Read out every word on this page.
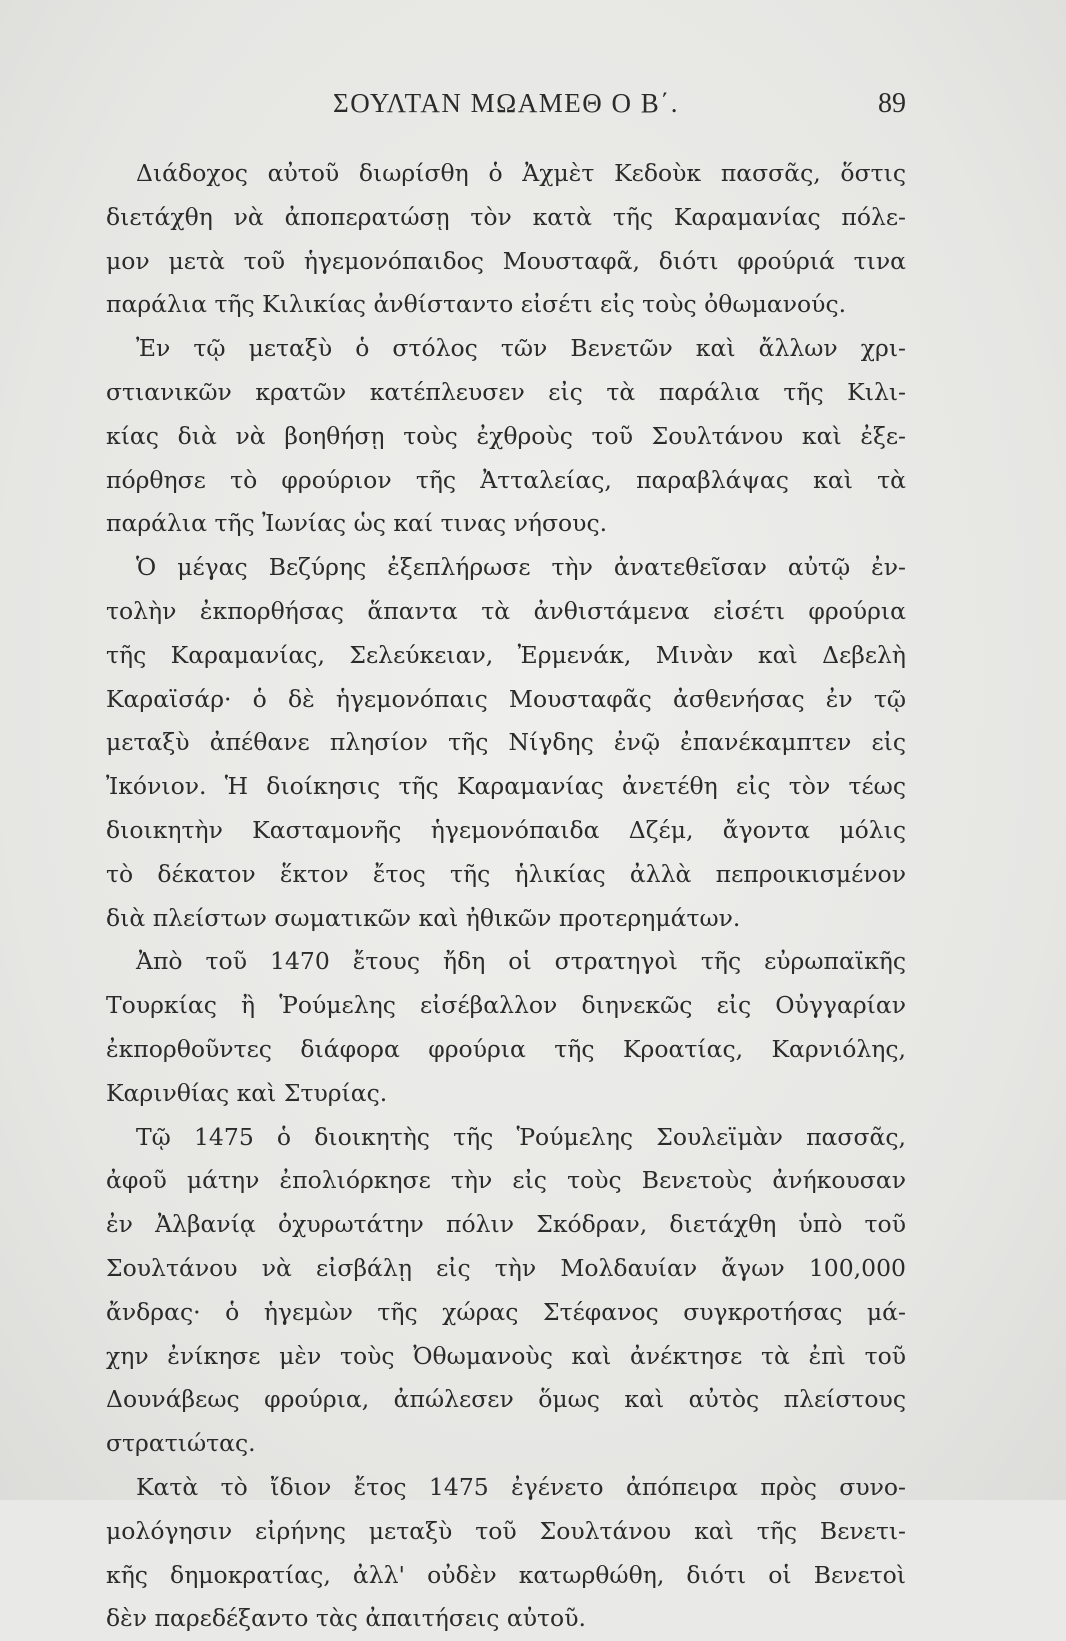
ΣΟΥΛΤΑΝ ΜΩΑΜΕΘ Ο Β΄.	89
Διάδοχος αὐτοῦ διωρίσθη ὁ Ἀχμὲτ Κεδοὺκ πασσᾶς, ὅστις
διετάχθη νὰ ἀποπερατώσῃ τὸν κατὰ τῆς Καραμανίας πόλε-
μον μετὰ τοῦ ἡγεμονόπαιδος Μουσταφᾶ, διότι φρούριά τινα
παράλια τῆς Κιλικίας ἀνθίσταντο εἰσέτι εἰς τοὺς ὀθωμανούς.
Ἐν τῷ μεταξὺ ὁ στόλος τῶν Βενετῶν καὶ ἄλλων χρι-
στιανικῶν κρατῶν κατέπλευσεν εἰς τὰ παράλια τῆς Κιλι-
κίας διὰ νὰ βοηθήσῃ τοὺς ἐχθροὺς τοῦ Σουλτάνου καὶ ἐξε-
πόρθησε τὸ φρούριον τῆς Ἀτταλείας, παραβλάψας καὶ τὰ
παράλια τῆς Ἰωνίας ὡς καί τινας νήσους.
Ὁ μέγας Βεζύρης ἐξεπλήρωσε τὴν ἀνατεθεῖσαν αὐτῷ ἐν-
τολὴν ἐκπορθήσας ἅπαντα τὰ ἀνθιστάμενα εἰσέτι φρούρια
τῆς Καραμανίας, Σελεύκειαν, Ἐρμενάκ, Μινὰν καὶ Δεβελὴ
Καραϊσάρ· ὁ δὲ ἡγεμονόπαις Μουσταφᾶς ἀσθενήσας ἐν τῷ
μεταξὺ ἀπέθανε πλησίον τῆς Νίγδης ἐνῷ ἐπανέκαμπτεν εἰς
Ἰκόνιον. Ἡ διοίκησις τῆς Καραμανίας ἀνετέθη εἰς τὸν τέως
διοικητὴν Κασταμονῆς ἡγεμονόπαιδα Δζέμ, ἄγοντα μόλις
τὸ δέκατον ἕκτον ἔτος τῆς ἡλικίας ἀλλὰ πεπροικισμένον
διὰ πλείστων σωματικῶν καὶ ἠθικῶν προτερημάτων.
Ἀπὸ τοῦ 1470 ἔτους ἤδη οἱ στρατηγοὶ τῆς εὐρωπαϊκῆς
Τουρκίας ἢ Ῥούμελης εἰσέβαλλον διηνεκῶς εἰς Οὐγγαρίαν
ἐκπορθοῦντες διάφορα φρούρια τῆς Κροατίας, Καρνιόλης,
Καρινθίας καὶ Στυρίας.
Τῷ 1475 ὁ διοικητὴς τῆς Ῥούμελης Σουλεϊμὰν πασσᾶς,
ἀφοῦ μάτην ἐπολιόρκησε τὴν εἰς τοὺς Βενετοὺς ἀνήκουσαν
ἐν Ἀλβανίᾳ ὀχυρωτάτην πόλιν Σκόδραν, διετάχθη ὑπὸ τοῦ
Σουλτάνου νὰ εἰσβάλῃ εἰς τὴν Μολδαυίαν ἄγων 100,000
ἄνδρας· ὁ ἡγεμὼν τῆς χώρας Στέφανος συγκροτήσας μά-
χην ἐνίκησε μὲν τοὺς Ὀθωμανοὺς καὶ ἀνέκτησε τὰ ἐπὶ τοῦ
Δουνάβεως φρούρια, ἀπώλεσεν ὅμως καὶ αὐτὸς πλείστους
στρατιώτας.
Κατὰ τὸ ἴδιον ἔτος 1475 ἐγένετο ἀπόπειρα πρὸς συνο-
μολόγησιν εἰρήνης μεταξὺ τοῦ Σουλτάνου καὶ τῆς Βενετι-
κῆς δημοκρατίας, ἀλλ' οὐδὲν κατωρθώθη, διότι οἱ Βενετοὶ
δὲν παρεδέξαντο τὰς ἀπαιτήσεις αὐτοῦ.
